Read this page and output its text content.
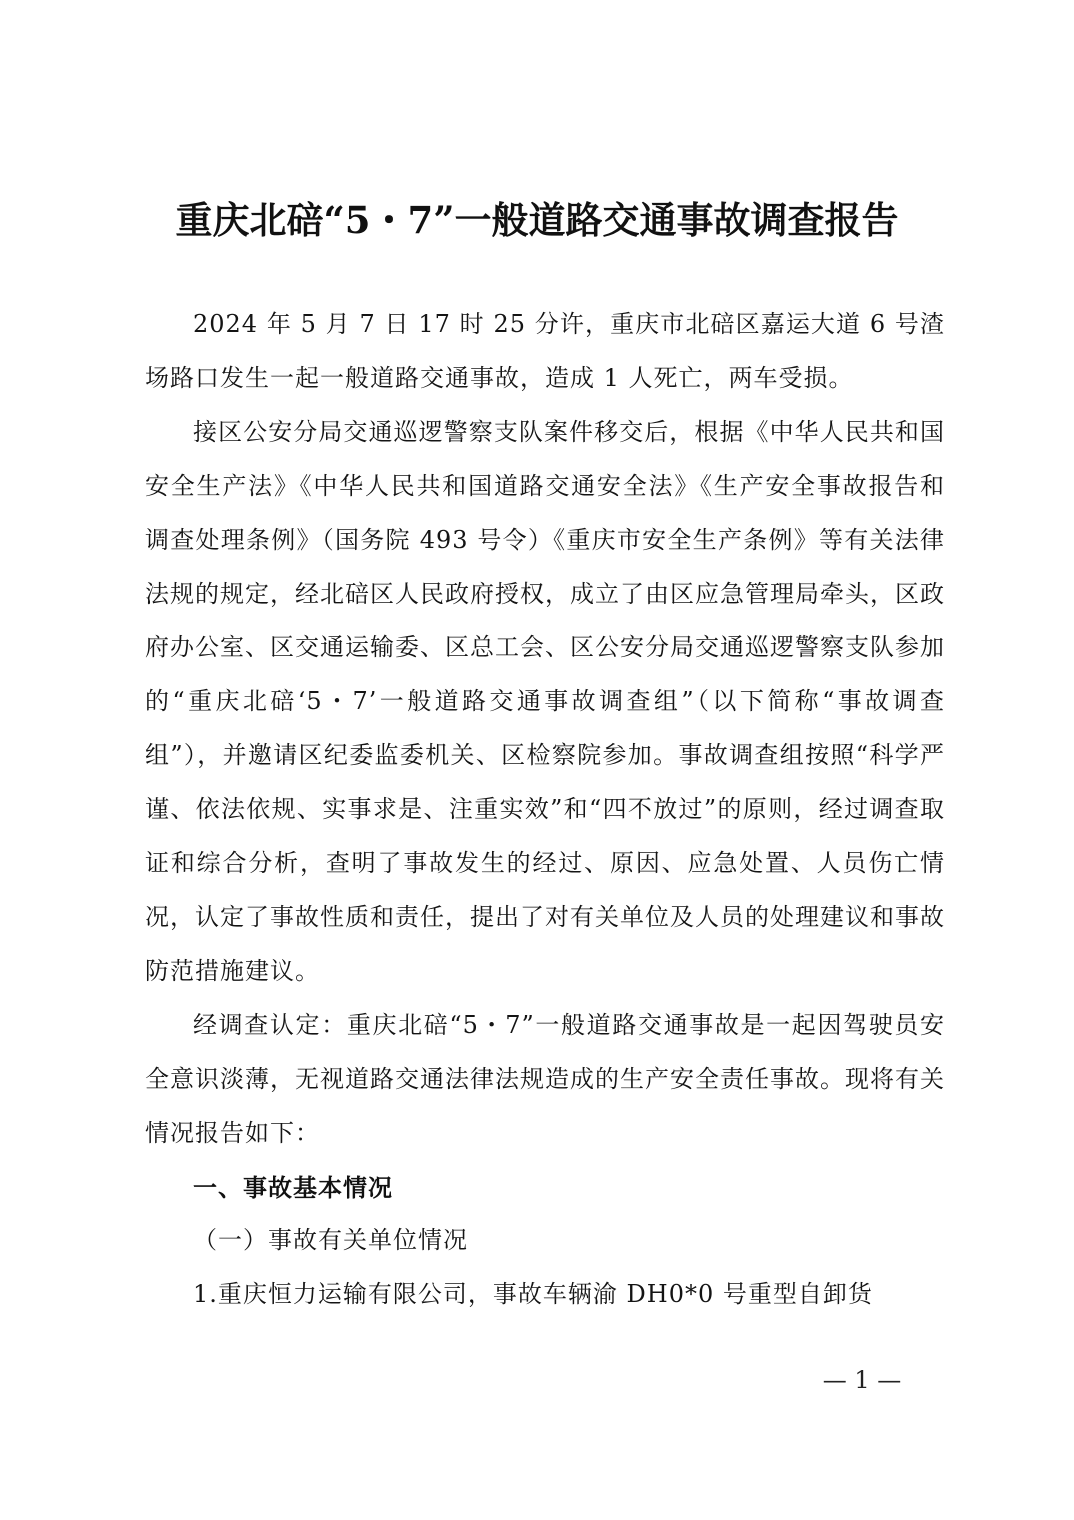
重庆北碚“5・7”一般道路交通事故调查报告

2024 年 5 月 7 日 17 时 25 分许，重庆市北碚区嘉运大道 6 号渣场路口发生一起一般道路交通事故，造成 1 人死亡，两车受损。

接区公安分局交通巡逻警察支队案件移交后，根据《中华人民共和国安全生产法》《中华人民共和国道路交通安全法》《生产安全事故报告和调查处理条例》（国务院 493 号令）《重庆市安全生产条例》等有关法律法规的规定，经北碚区人民政府授权，成立了由区应急管理局牵头，区政府办公室、区交通运输委、区总工会、区公安分局交通巡逻警察支队参加的“重庆北碚‘5・7’一般道路交通事故调查组”（以下简称“事故调查组”），并邀请区纪委监委机关、区检察院参加。事故调查组按照“科学严谨、依法依规、实事求是、注重实效”和“四不放过”的原则，经过调查取证和综合分析，查明了事故发生的经过、原因、应急处置、人员伤亡情况，认定了事故性质和责任，提出了对有关单位及人员的处理建议和事故防范措施建议。

经调查认定：重庆北碚“5・7”一般道路交通事故是一起因驾驶员安全意识淡薄，无视道路交通法律法规造成的生产安全责任事故。现将有关情况报告如下：

一、事故基本情况

（一）事故有关单位情况

1.重庆恒力运输有限公司，事故车辆渝 DH0*0 号重型自卸货

— 1 —
